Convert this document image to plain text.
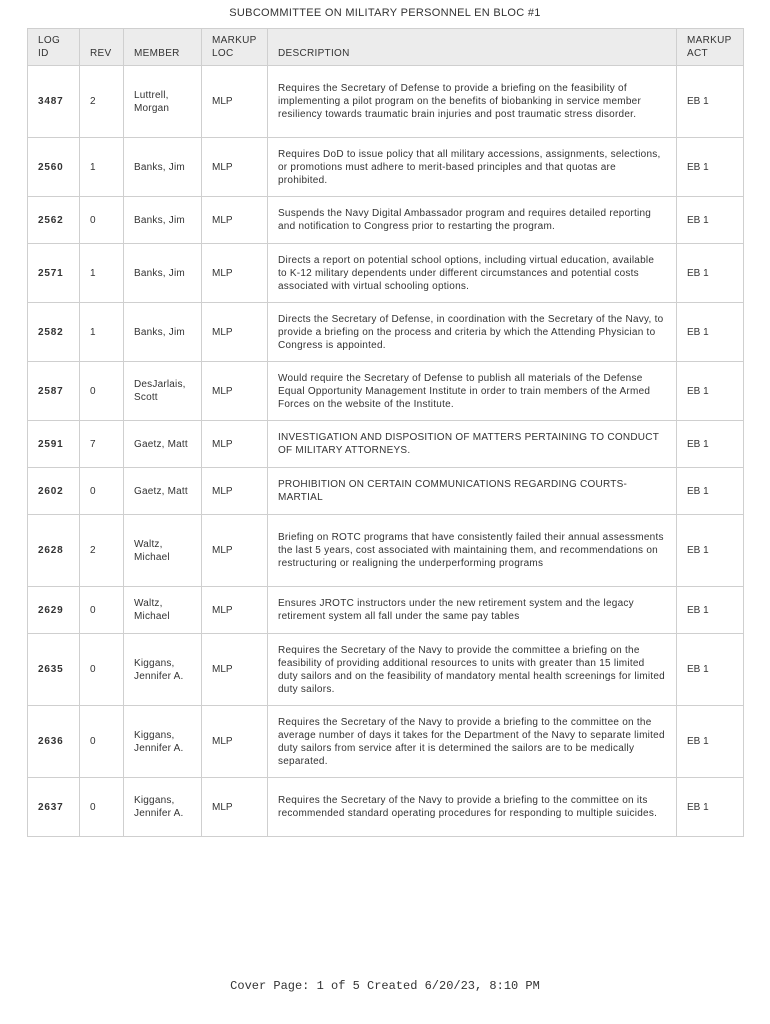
SUBCOMMITTEE ON MILITARY PERSONNEL EN BLOC #1
LOG ID	REV	MEMBER	MARKUP LOC	DESCRIPTION	MARKUP ACT
3487	2	Luttrell, Morgan	MLP	Requires the Secretary of Defense to provide a briefing on the feasibility of implementing a pilot program on the benefits of biobanking in service member resiliency towards traumatic brain injuries and post traumatic stress disorder.	EB 1
2560	1	Banks, Jim	MLP	Requires DoD to issue policy that all military accessions, assignments, selections, or promotions must adhere to merit-based principles and that quotas are prohibited.	EB 1
2562	0	Banks, Jim	MLP	Suspends the Navy Digital Ambassador program and requires detailed reporting and notification to Congress prior to restarting the program.	EB 1
2571	1	Banks, Jim	MLP	Directs a report on potential school options, including virtual education, available to K-12 military dependents under different circumstances and potential costs associated with virtual schooling options.	EB 1
2582	1	Banks, Jim	MLP	Directs the Secretary of Defense, in coordination with the Secretary of the Navy, to provide a briefing on the process and criteria by which the Attending Physician to Congress is appointed.	EB 1
2587	0	DesJarlais, Scott	MLP	Would require the Secretary of Defense to publish all materials of the Defense Equal Opportunity Management Institute in order to train members of the Armed Forces on the website of the Institute.	EB 1
2591	7	Gaetz, Matt	MLP	INVESTIGATION AND DISPOSITION OF MATTERS PERTAINING TO CONDUCT OF MILITARY ATTORNEYS.	EB 1
2602	0	Gaetz, Matt	MLP	PROHIBITION ON CERTAIN COMMUNICATIONS REGARDING COURTS-MARTIAL	EB 1
2628	2	Waltz, Michael	MLP	Briefing on ROTC programs that have consistently failed their annual assessments the last 5 years, cost associated with maintaining them, and recommendations on restructuring or realigning the underperforming programs	EB 1
2629	0	Waltz, Michael	MLP	Ensures JROTC instructors under the new retirement system and the legacy retirement system all fall under the same pay tables	EB 1
2635	0	Kiggans, Jennifer A.	MLP	Requires the Secretary of the Navy to provide the committee a briefing on the feasibility of providing additional resources to units with greater than 15 limited duty sailors and on the feasibility of mandatory mental health screenings for limited duty sailors.	EB 1
2636	0	Kiggans, Jennifer A.	MLP	Requires the Secretary of the Navy to provide a briefing to the committee on the average number of days it takes for the Department of the Navy to separate limited duty sailors from service after it is determined the sailors are to be medically separated.	EB 1
2637	0	Kiggans, Jennifer A.	MLP	Requires the Secretary of the Navy to provide a briefing to the committee on its recommended standard operating procedures for responding to multiple suicides.	EB 1
Cover Page: 1 of 5 Created 6/20/23, 8:10 PM
